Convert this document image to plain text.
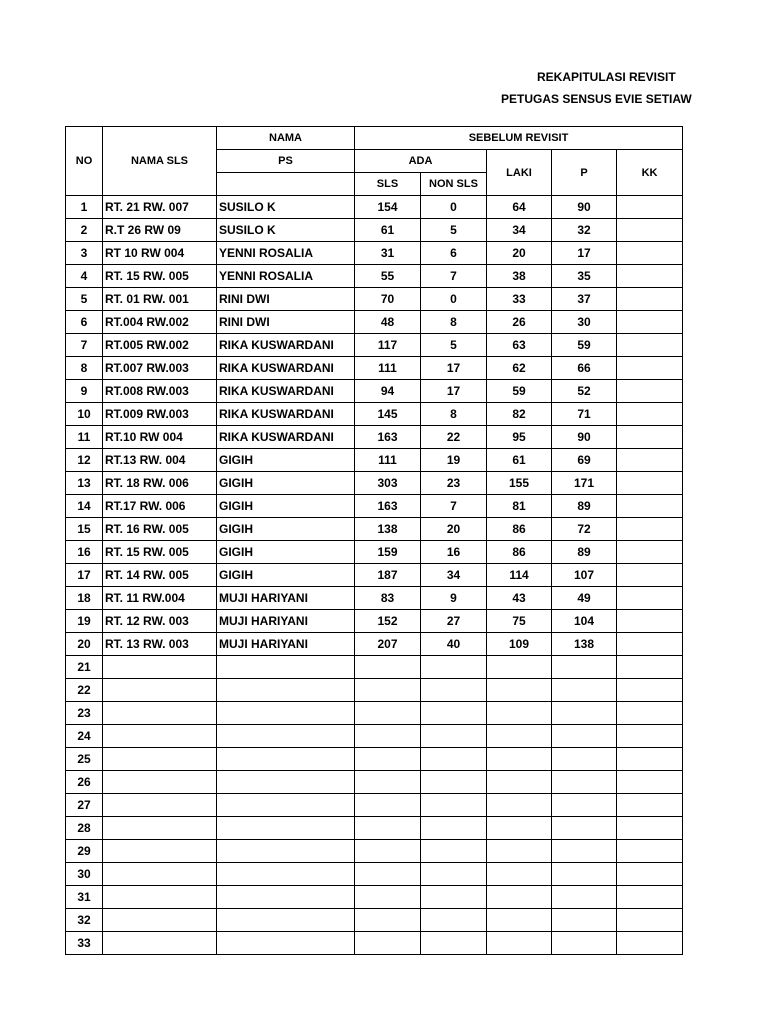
REKAPITULASI REVISIT
PETUGAS SENSUS EVIE SETIAW
NO	NAMA SLS	NAMA	SEBELUM REVISIT				
		PS	ADA		LAKI	P	KK
			SLS	NON SLS			
1	RT. 21 RW. 007	SUSILO K	154	0	64	90	
2	R.T 26 RW 09	SUSILO K	61	5	34	32	
3	RT 10 RW 004	YENNI ROSALIA	31	6	20	17	
4	RT. 15 RW. 005	YENNI ROSALIA	55	7	38	35	
5	RT. 01 RW. 001	RINI DWI	70	0	33	37	
6	RT.004 RW.002	RINI DWI	48	8	26	30	
7	RT.005 RW.002	RIKA KUSWARDANI	117	5	63	59	
8	RT.007 RW.003	RIKA KUSWARDANI	111	17	62	66	
9	RT.008 RW.003	RIKA KUSWARDANI	94	17	59	52	
10	RT.009 RW.003	RIKA KUSWARDANI	145	8	82	71	
11	RT.10 RW 004	RIKA KUSWARDANI	163	22	95	90	
12	RT.13 RW. 004	GIGIH	111	19	61	69	
13	RT. 18 RW. 006	GIGIH	303	23	155	171	
14	RT.17 RW. 006	GIGIH	163	7	81	89	
15	RT. 16 RW. 005	GIGIH	138	20	86	72	
16	RT. 15 RW. 005	GIGIH	159	16	86	89	
17	RT. 14 RW. 005	GIGIH	187	34	114	107	
18	RT. 11 RW.004	MUJI HARIYANI	83	9	43	49	
19	RT. 12 RW. 003	MUJI HARIYANI	152	27	75	104	
20	RT. 13 RW. 003	MUJI HARIYANI	207	40	109	138	
21							
22							
23							
24							
25							
26							
27							
28							
29							
30							
31							
32							
33							
